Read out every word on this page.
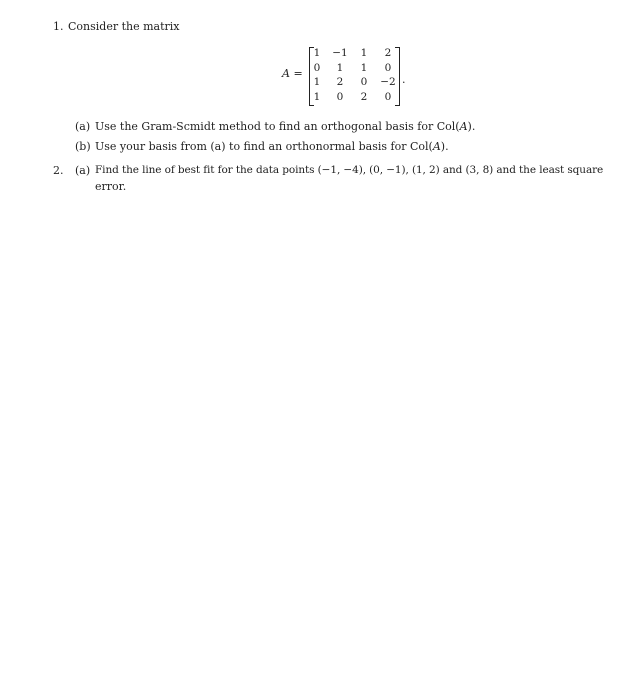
1. Consider the matrix
A =
1	−1	1	2
0	1	1	0
1	2	0	−2
1	0	2	0
.
(a) Use the Gram-Scmidt method to find an orthogonal basis for Col(A).
(b) Use your basis from (a) to find an orthonormal basis for Col(A).
2. (a) Find the line of best fit for the data points (−1, −4), (0, −1), (1, 2) and (3, 8) and the least square
error.
